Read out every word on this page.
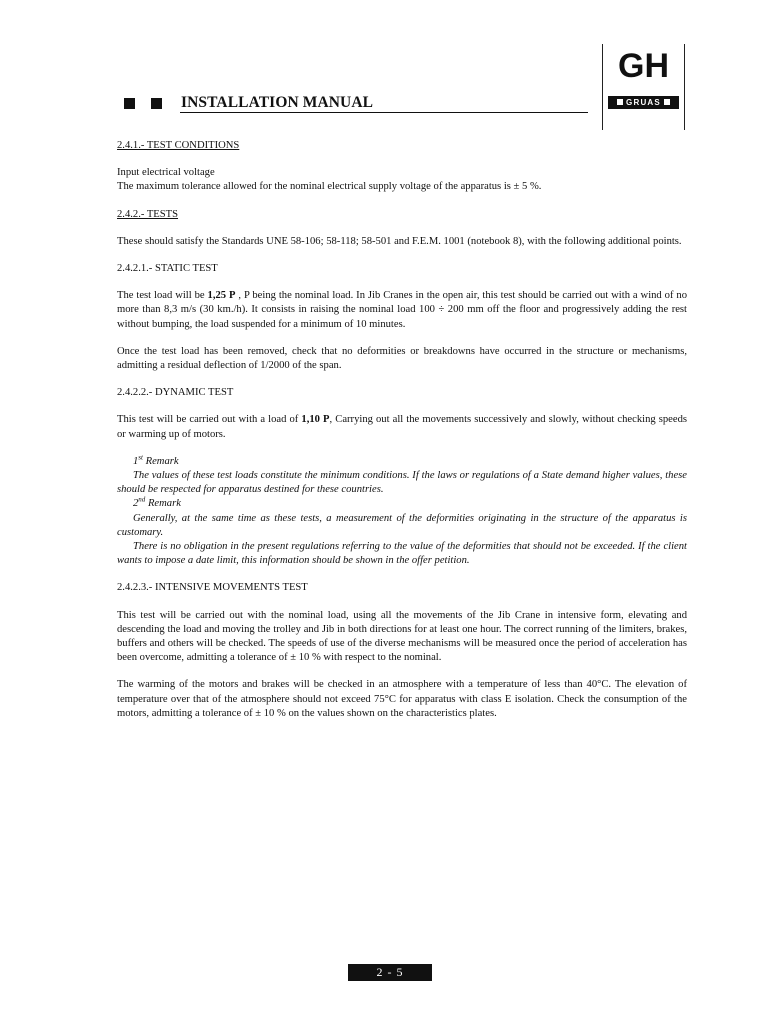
INSTALLATION MANUAL
GH
GRUAS

2.4.1.- TEST CONDITIONS

Input electrical voltage

The maximum tolerance allowed for the nominal electrical supply voltage of the apparatus is ± 5 %.

2.4.2.- TESTS

These should satisfy the Standards UNE 58-106; 58-118; 58-501 and F.E.M. 1001 (notebook 8), with the following additional points.

2.4.2.1.- STATIC TEST

The test load will be 1,25 P , P being the nominal load. In Jib Cranes in the open air, this test should be carried out with a wind of no more than 8,3 m/s (30 km./h). It consists in raising the nominal load 100 ÷ 200 mm off the floor and progressively adding the rest without bumping, the load suspended for a minimum of 10 minutes.

Once the test load has been removed, check that no deformities or breakdowns have occurred in the structure or mechanisms, admitting a residual deflection of 1/2000 of the span.

2.4.2.2.- DYNAMIC TEST

This test will be carried out with a load of 1,10 P, Carrying out all the movements successively and slowly, without checking speeds or warming up of motors.

1st Remark

The values of these test loads constitute the minimum conditions. If the laws or regulations of a State demand higher values, these should be respected for apparatus destined for these countries.

2nd Remark

Generally, at the same time as these tests, a measurement of the deformities originating in the structure of the apparatus is customary.

There is no obligation in the present regulations referring to the value of the deformities that should not be exceeded. If the client wants to impose a date limit, this information should be shown in the offer petition.

2.4.2.3.- INTENSIVE MOVEMENTS TEST

This test will be carried out with the nominal load, using all the movements of the Jib Crane in intensive form, elevating and descending the load and moving the trolley and Jib in both directions for at least one hour. The correct running of the limiters, brakes, buffers and others will be checked. The speeds of use of the diverse mechanisms will be measured once the period of acceleration has been overcome, admitting a tolerance of ± 10 % with respect to the nominal.

The warming of the motors and brakes will be checked in an atmosphere with a temperature of less than 40°C. The elevation of temperature over that of the atmosphere should not exceed 75°C for apparatus with class E isolation. Check the consumption of the motors, admitting a tolerance of ± 10 % on the values shown on the characteristics plates.

2 - 5
